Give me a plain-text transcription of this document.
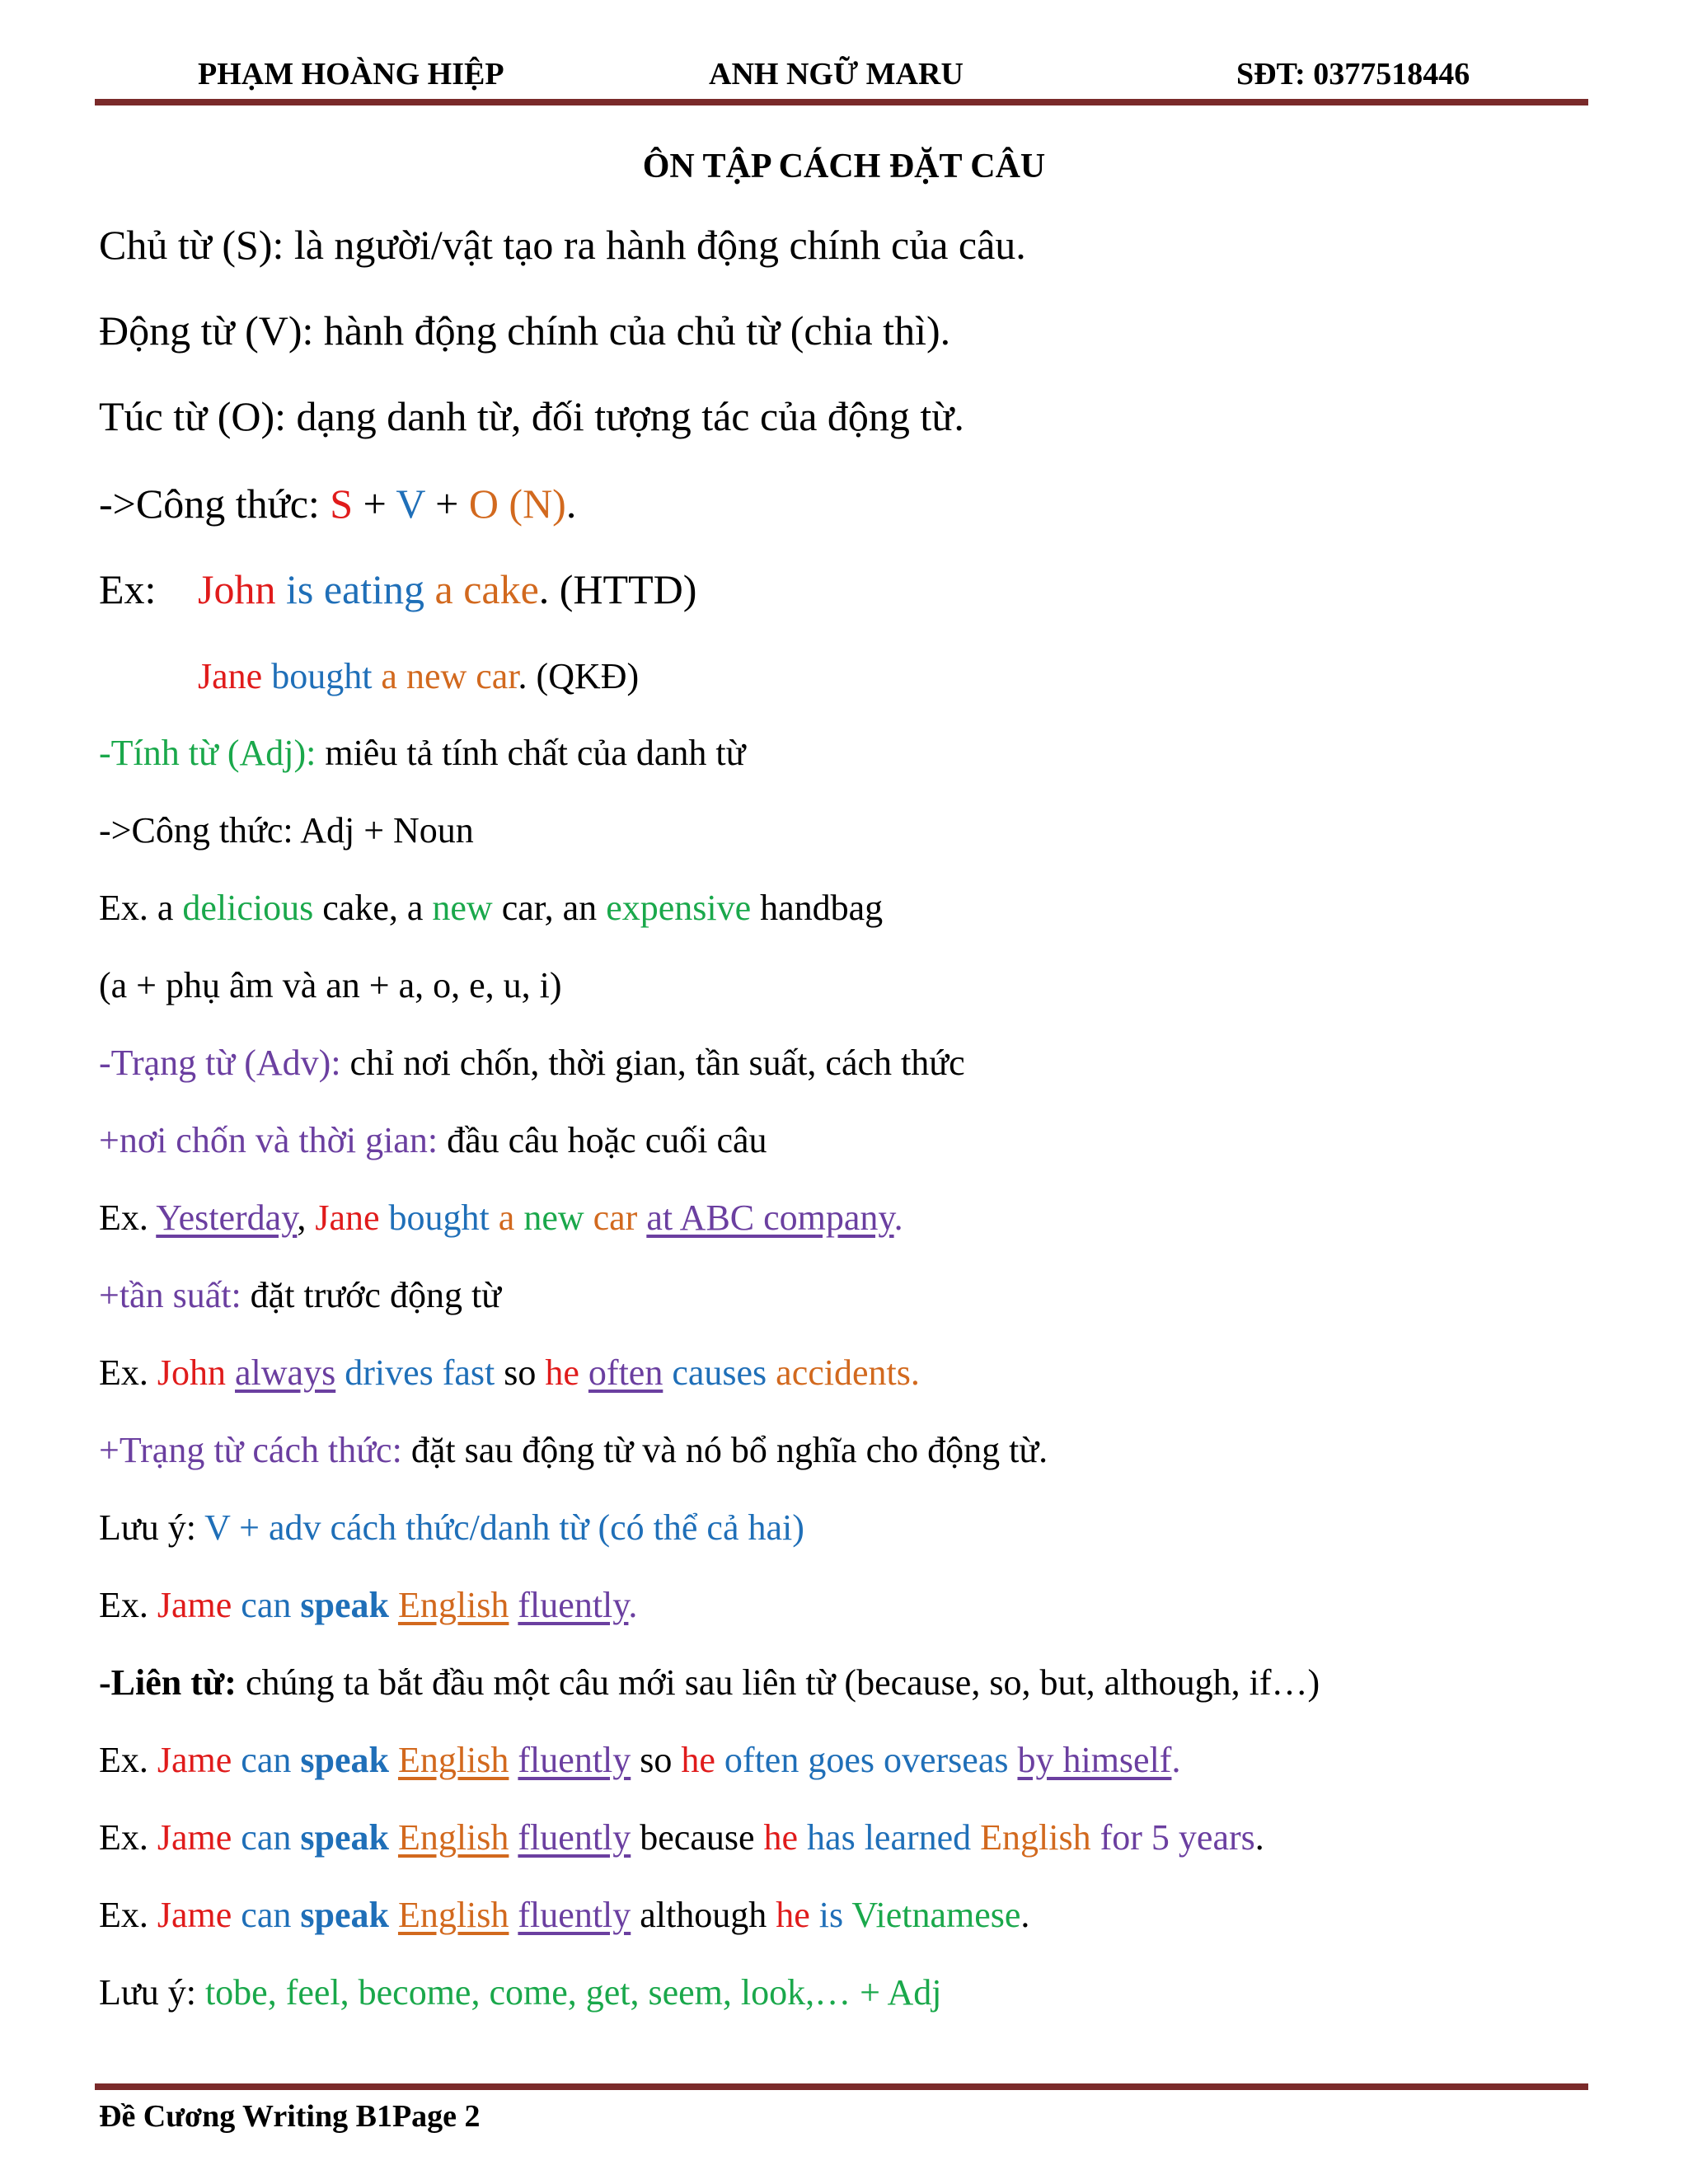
PHẠM HOÀNG HIỆP	ANH NGỮ MARU	SĐT: 0377518446
ÔN TẬP CÁCH ĐẶT CÂU
Chủ từ (S): là người/vật tạo ra hành động chính của câu.
Động từ (V): hành động chính của chủ từ (chia thì).
Túc từ (O): dạng danh từ, đối tượng tác của động từ.
->Công thức: S + V + O (N).
Ex: John is eating a cake. (HTTD)
Jane bought a new car. (QKĐ)
-Tính từ (Adj): miêu tả tính chất của danh từ
->Công thức: Adj + Noun
Ex. a delicious cake, a new car, an expensive handbag
(a + phụ âm và an + a, o, e, u, i)
-Trạng từ (Adv): chỉ nơi chốn, thời gian, tần suất, cách thức
+nơi chốn và thời gian: đầu câu hoặc cuối câu
Ex. Yesterday, Jane bought a new car at ABC company.
+tần suất: đặt trước động từ
Ex. John always drives fast so he often causes accidents.
+Trạng từ cách thức: đặt sau động từ và nó bổ nghĩa cho động từ.
Lưu ý: V + adv cách thức/danh từ (có thể cả hai)
Ex. Jame can speak English fluently.
-Liên từ: chúng ta bắt đầu một câu mới sau liên từ (because, so, but, although, if…)
Ex. Jame can speak English fluently so he often goes overseas by himself.
Ex. Jame can speak English fluently because he has learned English for 5 years.
Ex. Jame can speak English fluently although he is Vietnamese.
Lưu ý: tobe, feel, become, come, get, seem, look,… + Adj
Đề Cương Writing B1Page 2
